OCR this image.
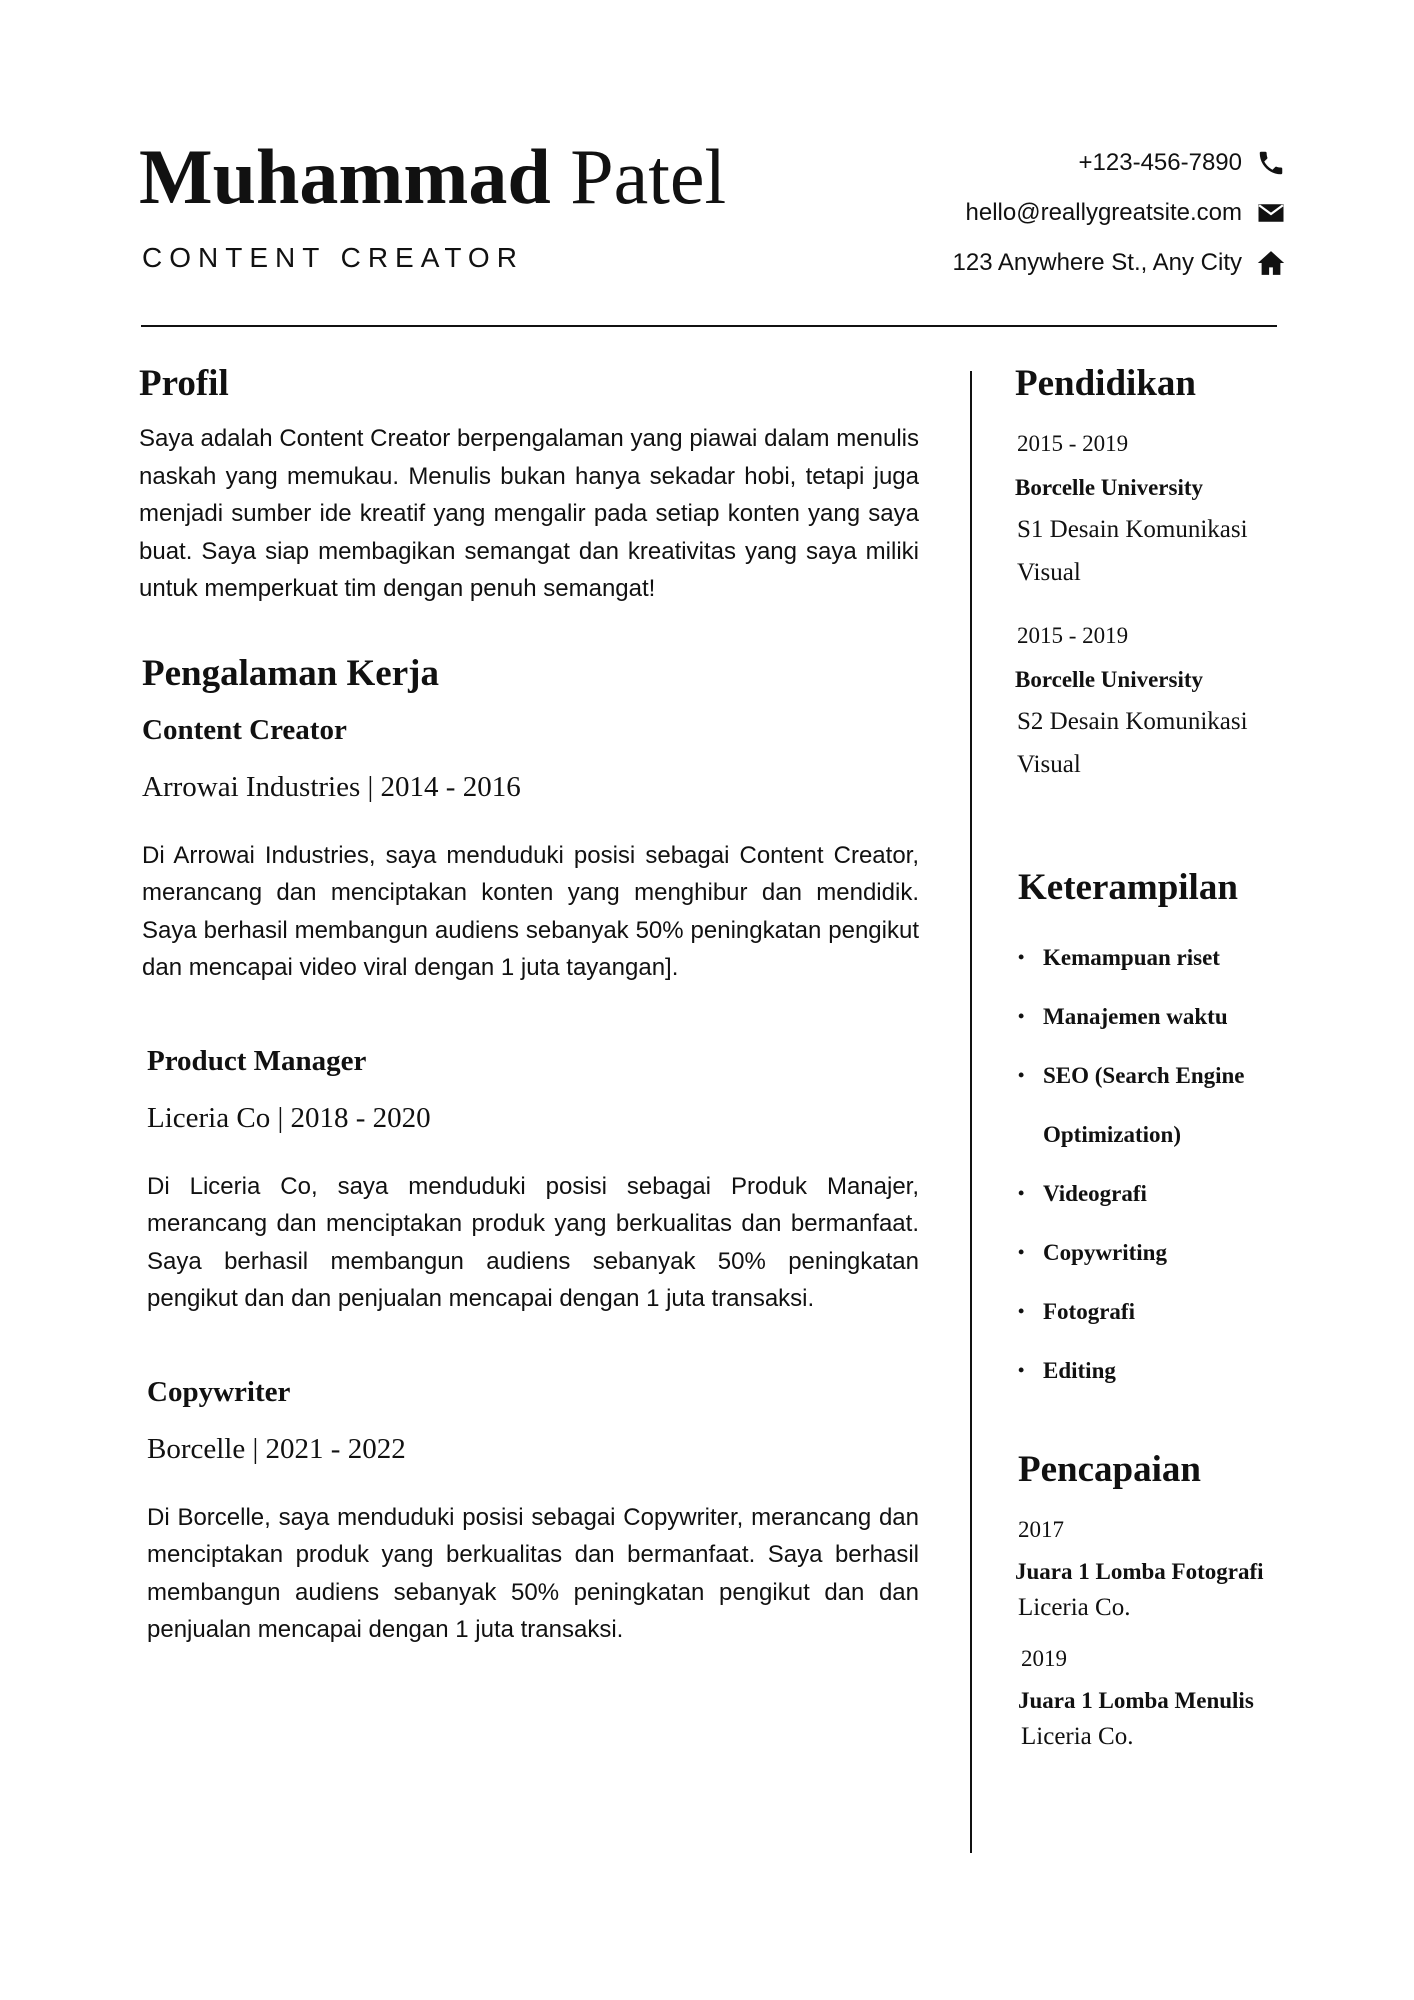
Muhammad Patel
CONTENT CREATOR
+123-456-7890
hello@reallygreatsite.com
123 Anywhere St., Any City
Profil

Saya adalah Content Creator berpengalaman yang piawai dalam menulis naskah yang memukau. Menulis bukan hanya sekadar hobi, tetapi juga menjadi sumber ide kreatif yang mengalir pada setiap konten yang saya buat. Saya siap membagikan semangat dan kreativitas yang saya miliki untuk memperkuat tim dengan penuh semangat!

Pengalaman Kerja
Content Creator
Arrowai Industries | 2014 - 2016

Di Arrowai Industries, saya menduduki posisi sebagai Content Creator, merancang dan menciptakan konten yang menghibur dan mendidik. Saya berhasil membangun audiens sebanyak 50% peningkatan pengikut dan mencapai video viral dengan 1 juta tayangan].

Product Manager
Liceria Co | 2018 - 2020

Di Liceria Co, saya menduduki posisi sebagai Produk Manajer, merancang dan menciptakan produk yang berkualitas dan bermanfaat. Saya berhasil membangun audiens sebanyak 50% peningkatan pengikut dan dan penjualan mencapai dengan 1 juta transaksi.

Copywriter
Borcelle | 2021 - 2022

Di Borcelle, saya menduduki posisi sebagai Copywriter, merancang dan menciptakan produk yang berkualitas dan bermanfaat. Saya berhasil membangun audiens sebanyak 50% peningkatan pengikut dan dan penjualan mencapai dengan 1 juta transaksi.

Pendidikan
2015 - 2019
Borcelle University
S1 Desain Komunikasi Visual
2015 - 2019
Borcelle University
S2 Desain Komunikasi Visual
Keterampilan
• Kemampuan riset
• Manajemen waktu
• SEO (Search Engine Optimization)
• Videografi
• Copywriting
• Fotografi
• Editing
Pencapaian
2017
Juara 1 Lomba Fotografi
Liceria Co.
2019
Juara 1 Lomba Menulis
Liceria Co.
